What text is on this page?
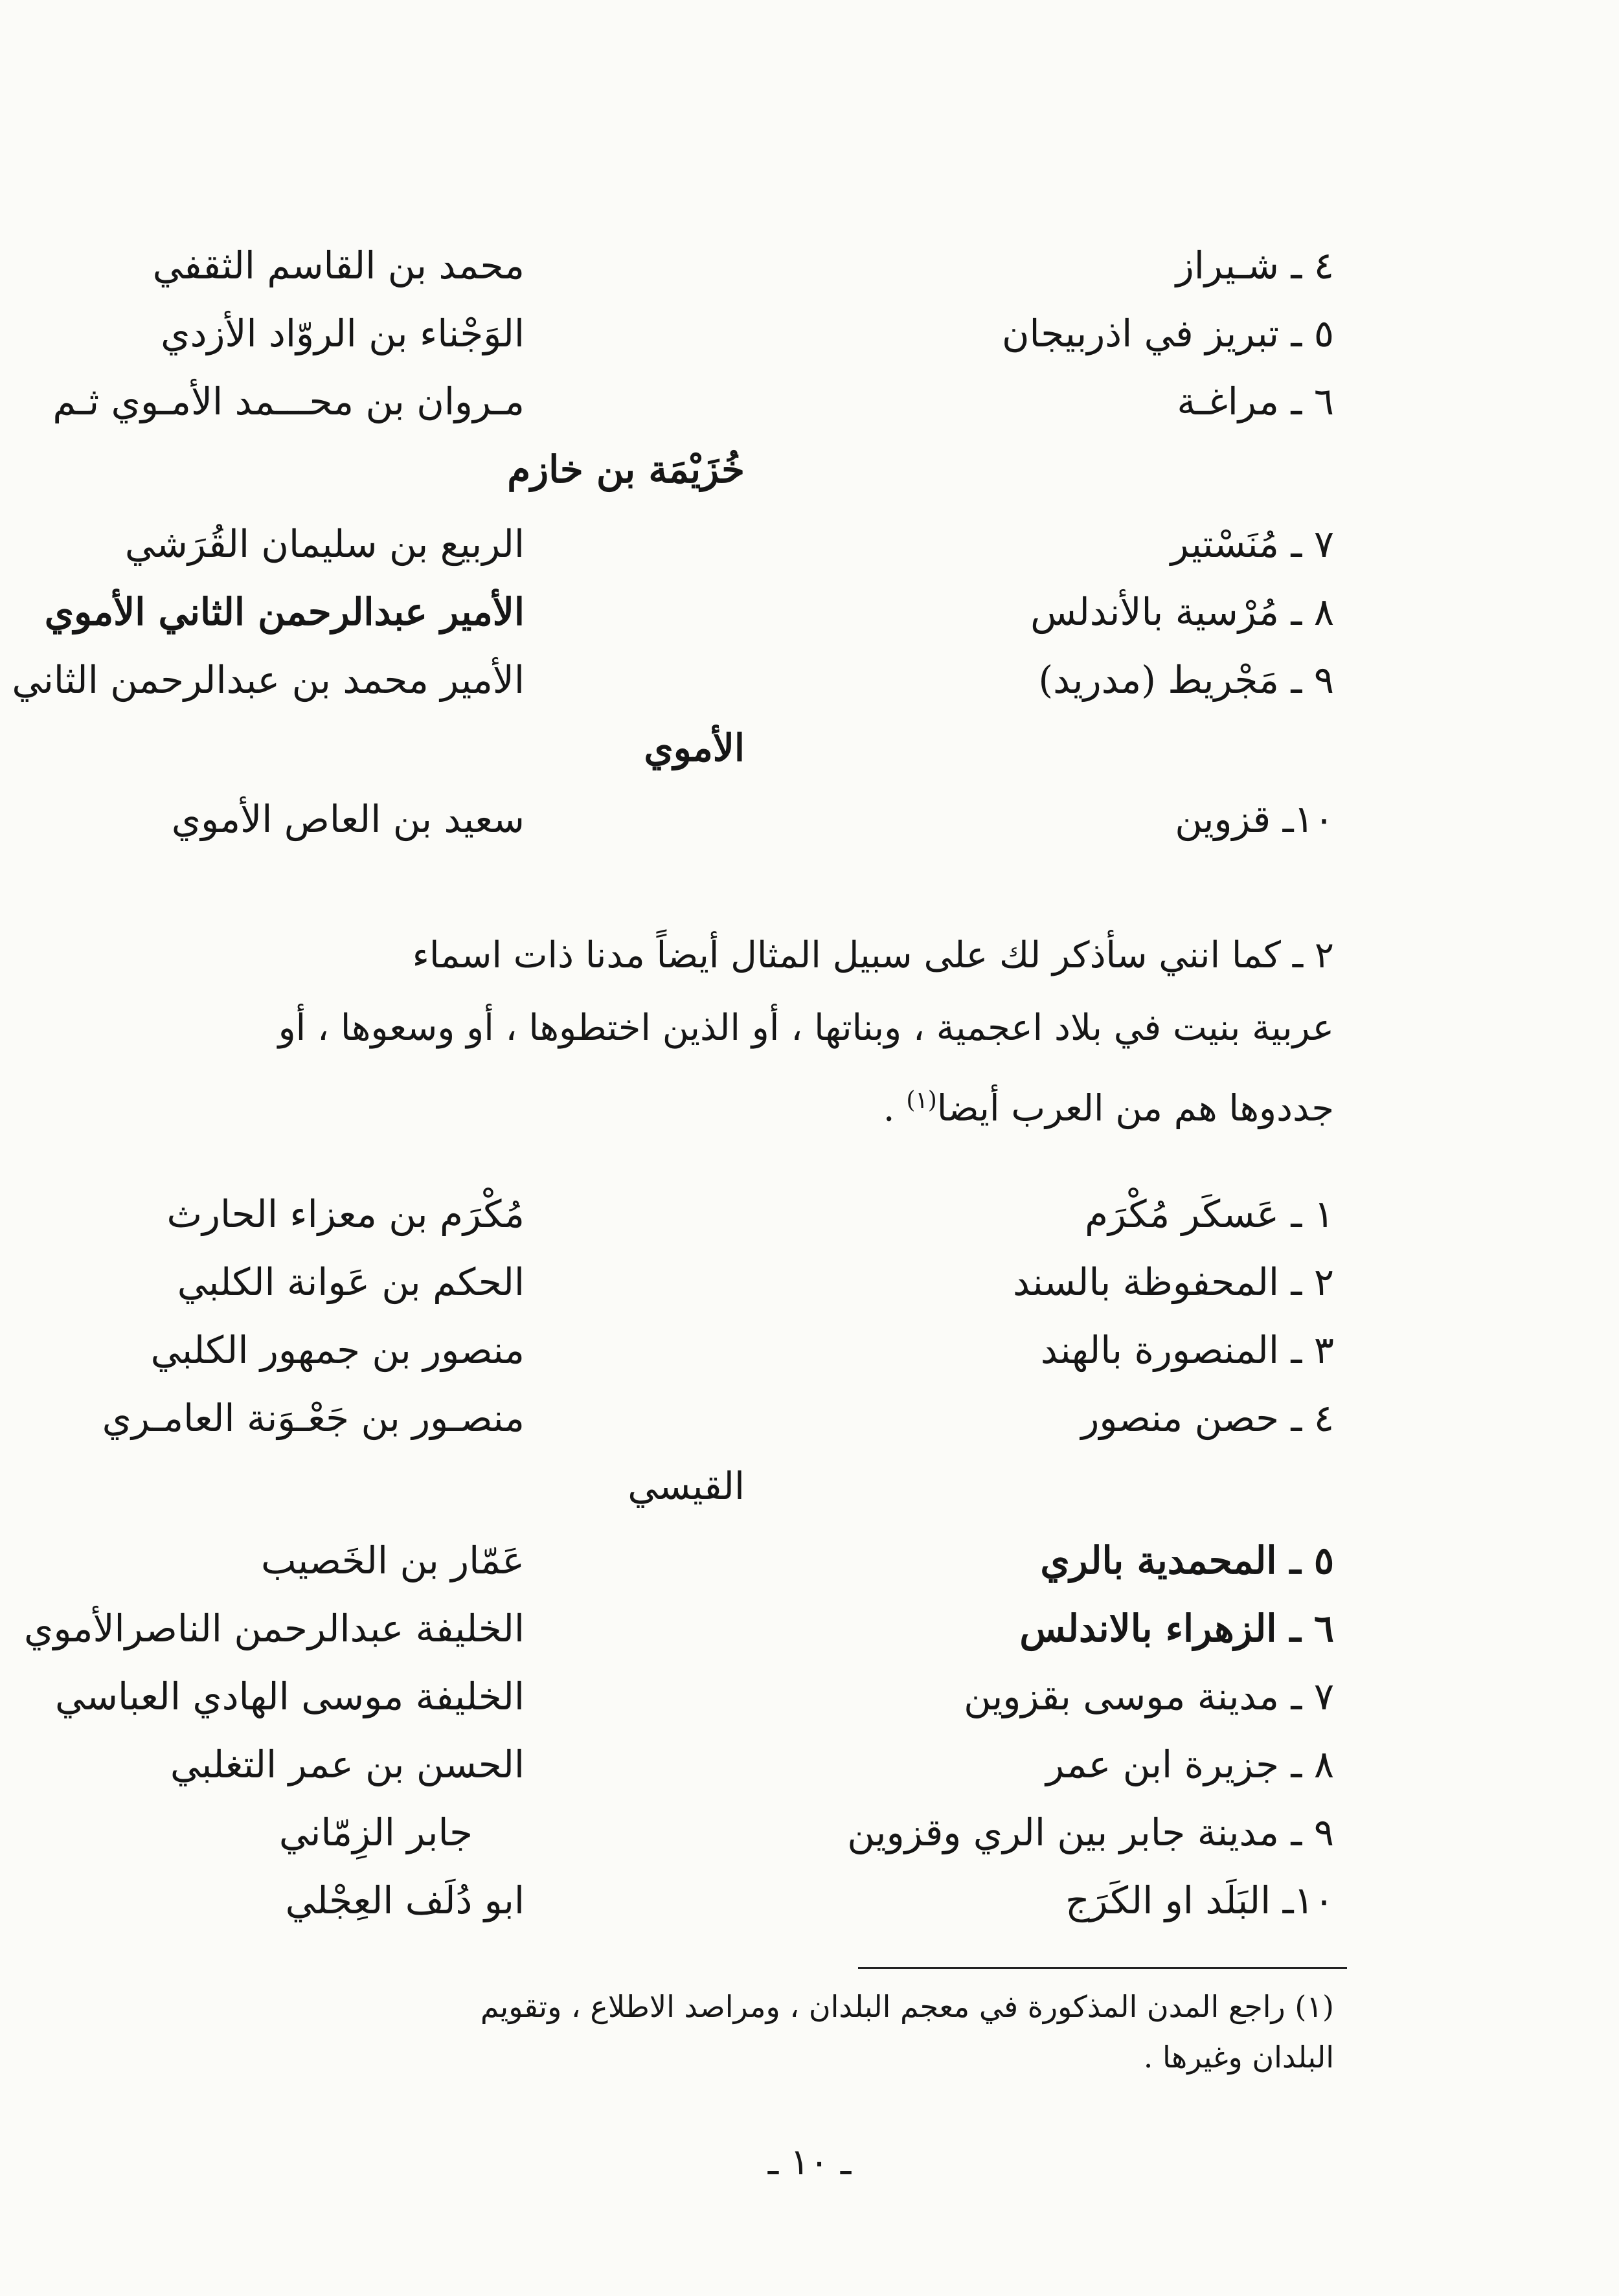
٤ ـ شـيراز
محمد بن القاسم الثقفي
٥ ـ تبريز في اذربيجان
الوَجْناء بن الروّاد الأزدي
٦ ـ مراغـة
مـروان بن محـــمد الأمـوي ثـم
خُزَيْمَة بن خازم
٧ ـ مُنَسْتير
الربيع بن سليمان القُرَشي
٨ ـ مُرْسية بالأندلس
الأمير عبدالرحمن الثاني الأموي
٩ ـ مَجْريط (مدريد)
الأمير محمد بن عبدالرحمن الثاني
الأموي
١٠ـ قزوين
سعيد بن العاص الأموي
٢ ـ كما انني سأذكر لك على سبيل المثال أيضاً مدنا ذات اسماء
عربية بنيت في بلاد اعجمية ، وبناتها ، أو الذين اختطوها ، أو وسعوها ، أو
جددوها هم من العرب أيضا$^{(١)}$ .
١ ـ عَسكَر مُكْرَم
مُكْرَم بن معزاء الحارث
٢ ـ المحفوظة بالسند
الحكم بن عَوانة الكلبي
٣ ـ المنصورة بالهند
منصور بن جمهور الكلبي
٤ ـ حصن منصور
منصـور بن جَعْـوَنة العامـري
القيسي
٥ ـ المحمدية بالري
عَمّار بن الخَصيب
٦ ـ الزهراء بالاندلس
الخليفة عبدالرحمن الناصرالأموي
٧ ـ مدينة موسى بقزوين
الخليفة موسى الهادي العباسي
٨ ـ جزيرة ابن عمر
الحسن بن عمر التغلبي
٩ ـ مدينة جابر بين الري وقزوين
جابر الزِمّاني
١٠ـ البَلَد او الكَرَج
ابو دُلَف العِجْلي
(١) راجع المدن المذكورة في معجم البلدان ، ومراصد الاطلاع ، وتقويم
البلدان وغيرها .
ـ ١٠ ـ
